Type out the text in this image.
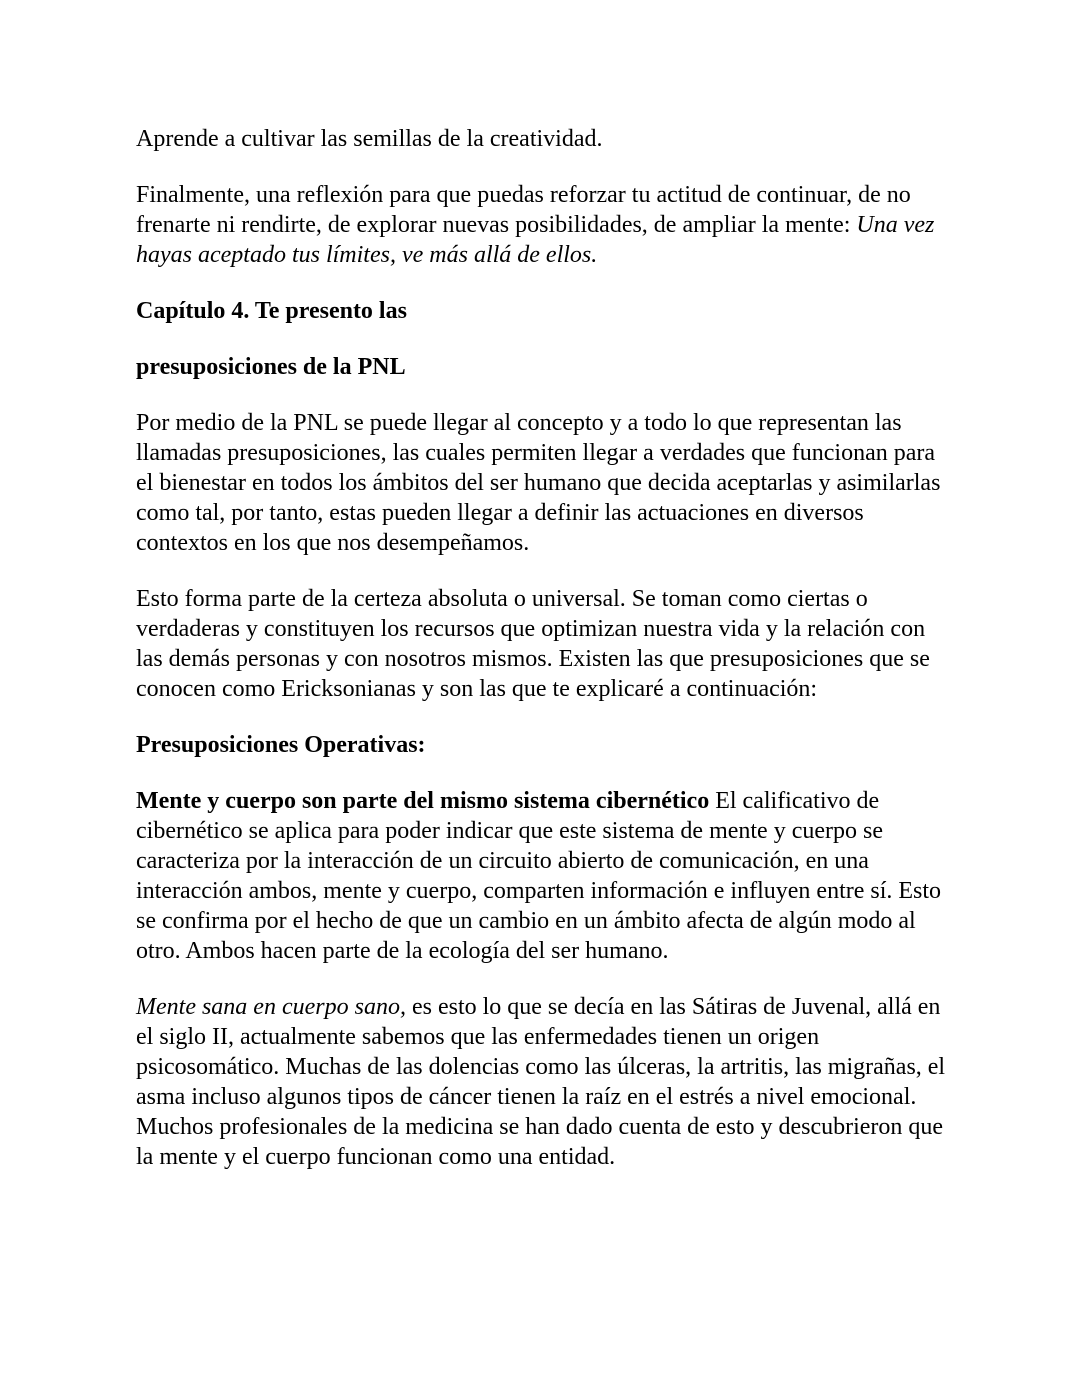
Aprende a cultivar las semillas de la creatividad.

Finalmente, una reflexión para que puedas reforzar tu actitud de continuar, de no frenarte ni rendirte, de explorar nuevas posibilidades, de ampliar la mente: Una vez hayas aceptado tus límites, ve más allá de ellos.

Capítulo 4. Te presento las

presuposiciones de la PNL

Por medio de la PNL se puede llegar al concepto y a todo lo que representan las llamadas presuposiciones, las cuales permiten llegar a verdades que funcionan para el bienestar en todos los ámbitos del ser humano que decida aceptarlas y asimilarlas como tal, por tanto, estas pueden llegar a definir las actuaciones en diversos contextos en los que nos desempeñamos.

Esto forma parte de la certeza absoluta o universal. Se toman como ciertas o verdaderas y constituyen los recursos que optimizan nuestra vida y la relación con las demás personas y con nosotros mismos. Existen las que presuposiciones que se conocen como Ericksonianas y son las que te explicaré a continuación:

Presuposiciones Operativas:

Mente y cuerpo son parte del mismo sistema cibernético El calificativo de cibernético se aplica para poder indicar que este sistema de mente y cuerpo se caracteriza por la interacción de un circuito abierto de comunicación, en una interacción ambos, mente y cuerpo, comparten información e influyen entre sí. Esto se confirma por el hecho de que un cambio en un ámbito afecta de algún modo al otro. Ambos hacen parte de la ecología del ser humano.

Mente sana en cuerpo sano, es esto lo que se decía en las Sátiras de Juvenal, allá en el siglo II, actualmente sabemos que las enfermedades tienen un origen psicosomático. Muchas de las dolencias como las úlceras, la artritis, las migrañas, el asma incluso algunos tipos de cáncer tienen la raíz en el estrés a nivel emocional. Muchos profesionales de la medicina se han dado cuenta de esto y descubrieron que la mente y el cuerpo funcionan como una entidad.
